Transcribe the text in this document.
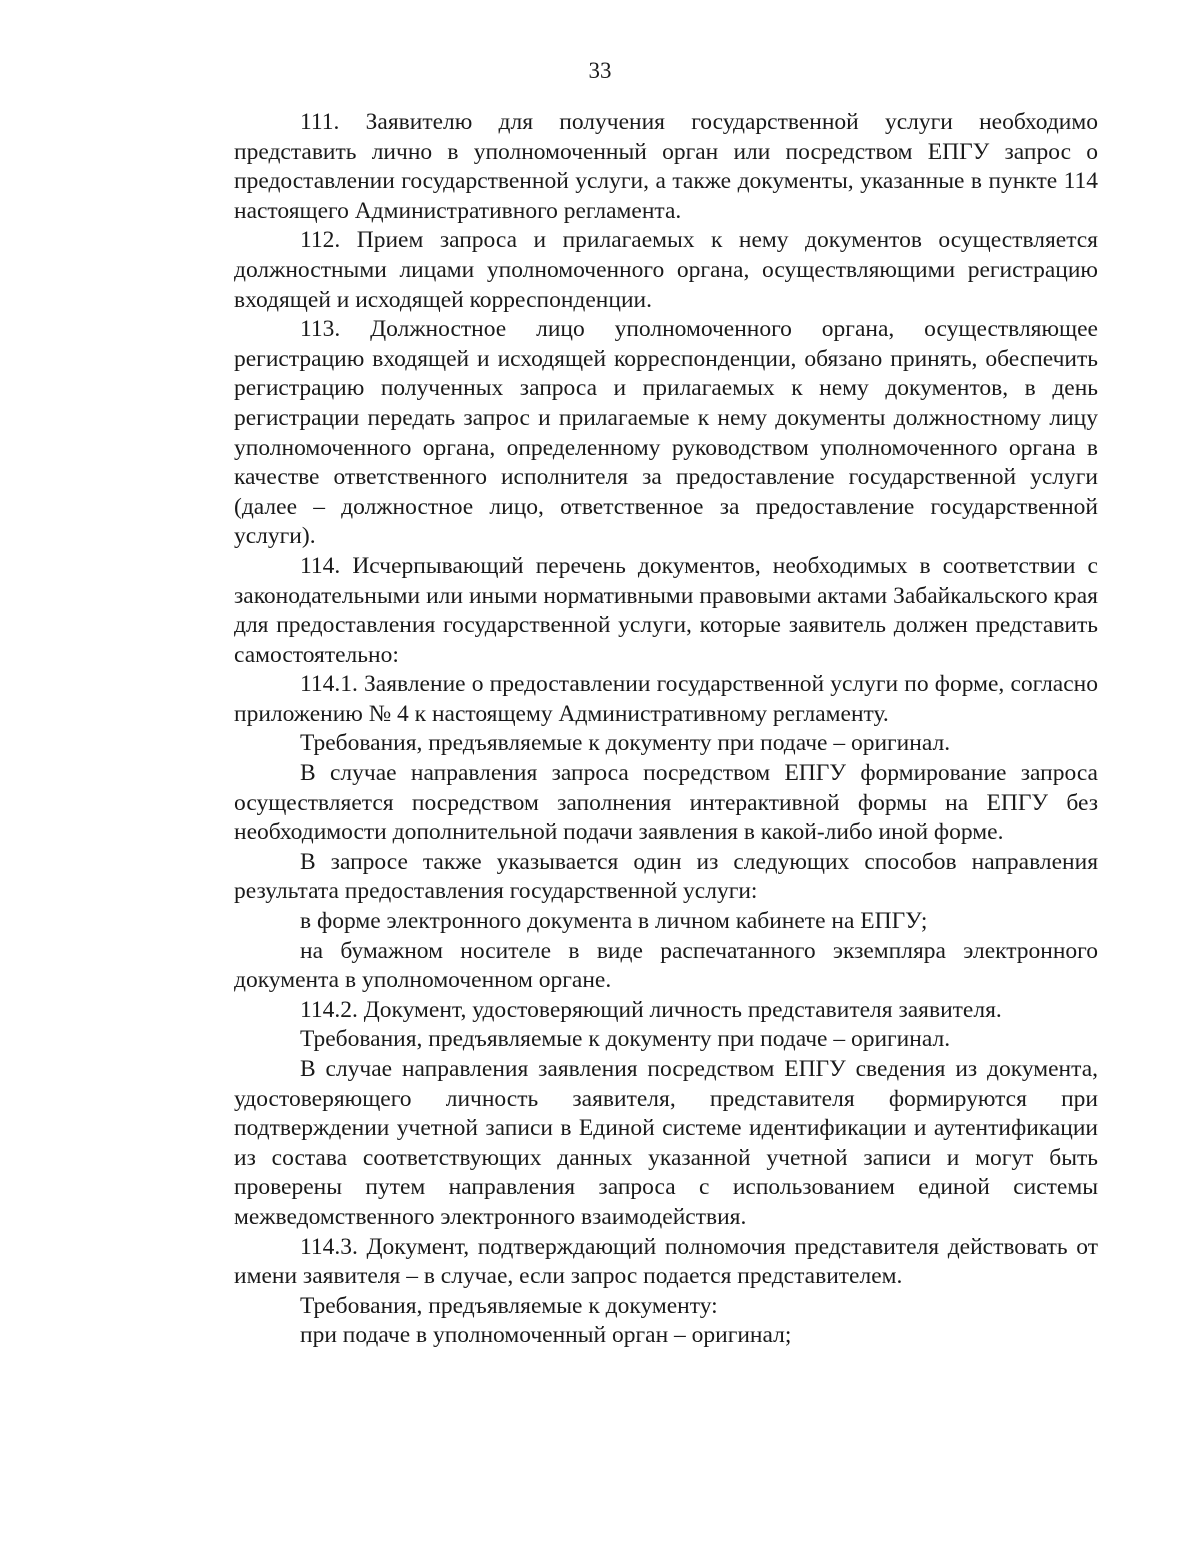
33

111. Заявителю для получения государственной услуги необходимо представить лично в уполномоченный орган или посредством ЕПГУ запрос о предоставлении государственной услуги, а также документы, указанные в пункте 114 настоящего Административного регламента.

112. Прием запроса и прилагаемых к нему документов осуществляется должностными лицами уполномоченного органа, осуществляющими регистрацию входящей и исходящей корреспонденции.

113. Должностное лицо уполномоченного органа, осуществляющее регистрацию входящей и исходящей корреспонденции, обязано принять, обеспечить регистрацию полученных запроса и прилагаемых к нему документов, в день регистрации передать запрос и прилагаемые к нему документы должностному лицу уполномоченного органа, определенному руководством уполномоченного органа в качестве ответственного исполнителя за предоставление государственной услуги (далее – должностное лицо, ответственное за предоставление государственной услуги).

114. Исчерпывающий перечень документов, необходимых в соответствии с законодательными или иными нормативными правовыми актами Забайкальского края для предоставления государственной услуги, которые заявитель должен представить самостоятельно:

114.1. Заявление о предоставлении государственной услуги по форме, согласно приложению № 4 к настоящему Административному регламенту.

Требования, предъявляемые к документу при подаче – оригинал.

В случае направления запроса посредством ЕПГУ формирование запроса осуществляется посредством заполнения интерактивной формы на ЕПГУ без необходимости дополнительной подачи заявления в какой-либо иной форме.

В запросе также указывается один из следующих способов направления результата предоставления государственной услуги:

в форме электронного документа в личном кабинете на ЕПГУ;

на бумажном носителе в виде распечатанного экземпляра электронного документа в уполномоченном органе.

114.2. Документ, удостоверяющий личность представителя заявителя.

Требования, предъявляемые к документу при подаче – оригинал.

В случае направления заявления посредством ЕПГУ сведения из документа, удостоверяющего личность заявителя, представителя формируются при подтверждении учетной записи в Единой системе идентификации и аутентификации из состава соответствующих данных указанной учетной записи и могут быть проверены путем направления запроса с использованием единой системы межведомственного электронного взаимодействия.

114.3. Документ, подтверждающий полномочия представителя действовать от имени заявителя – в случае, если запрос подается представителем.

Требования, предъявляемые к документу:

при подаче в уполномоченный орган – оригинал;
